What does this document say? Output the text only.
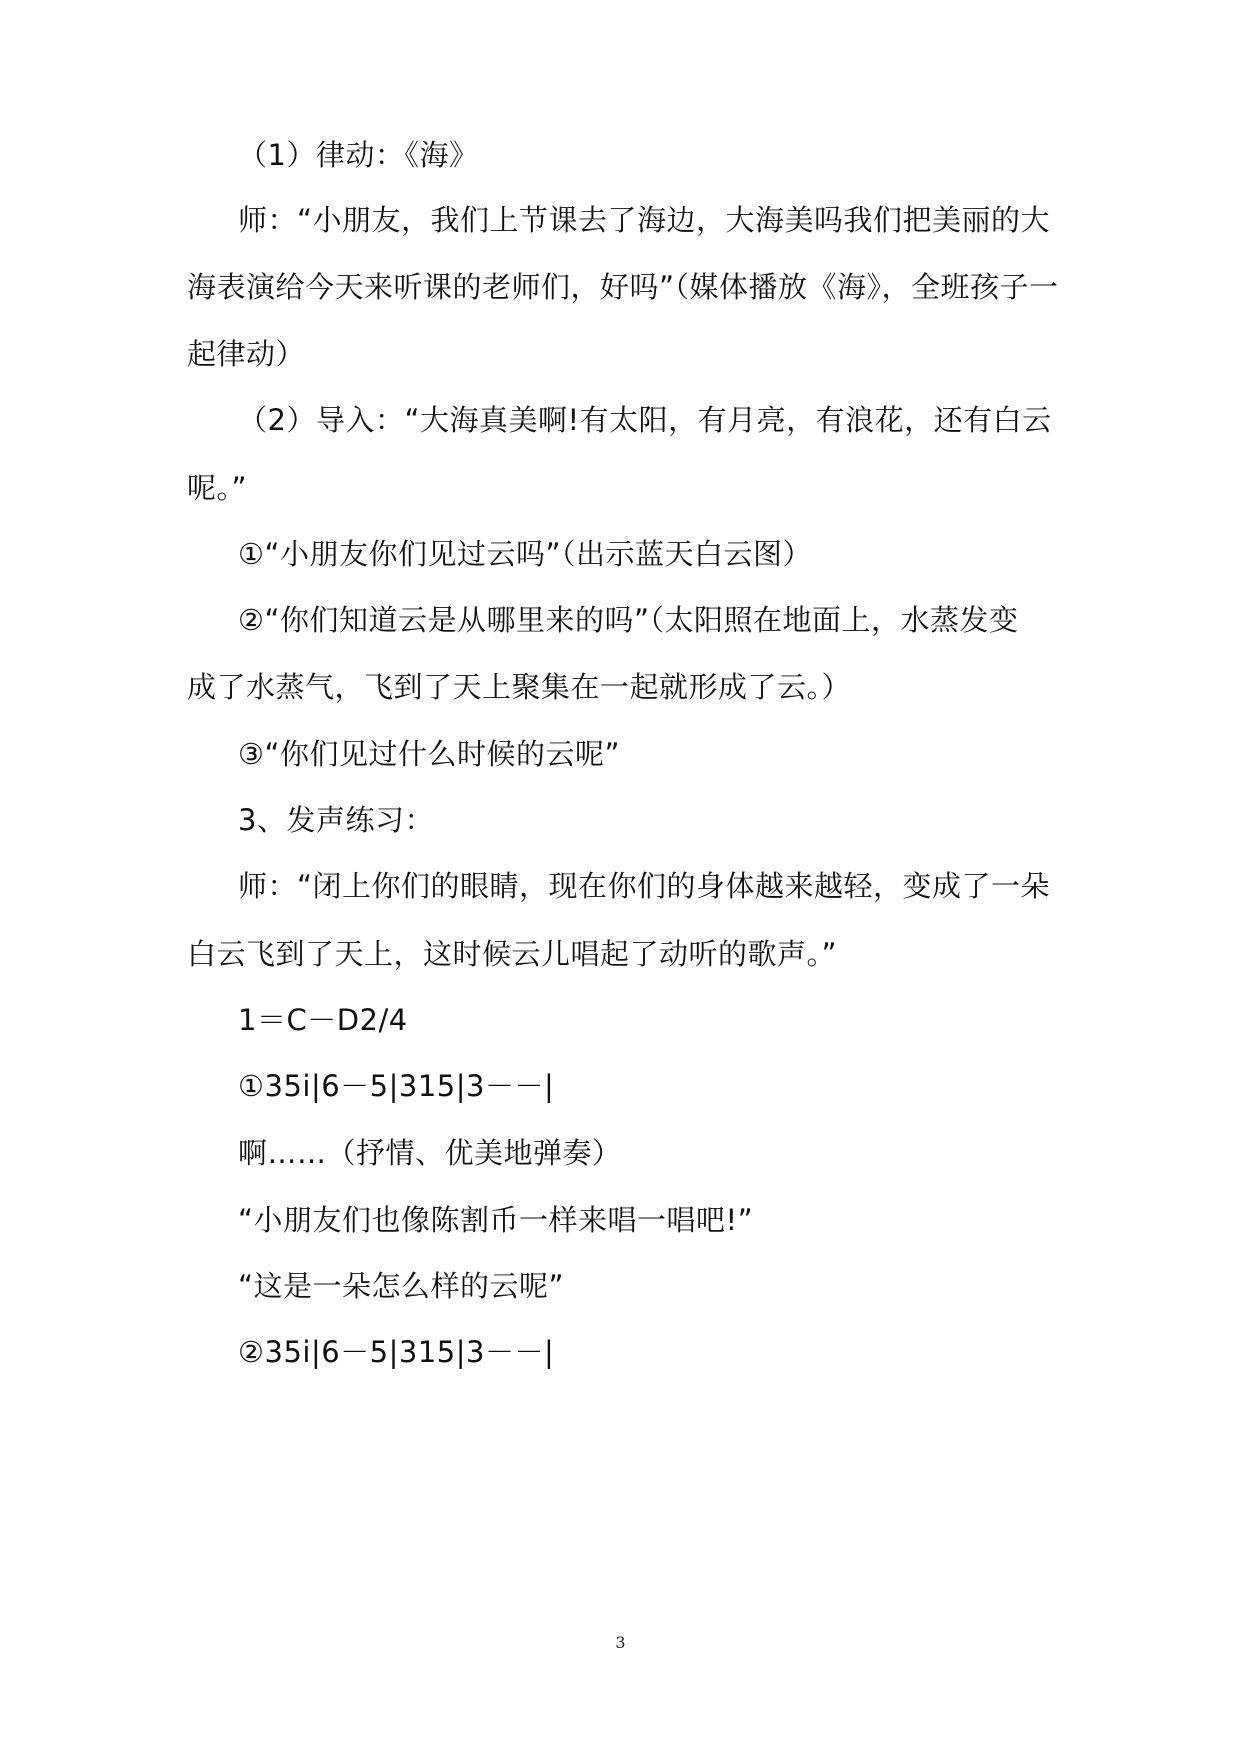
（1）律动：《海》
师：“小朋友，我们上节课去了海边，大海美吗我们把美丽的大
海表演给今天来听课的老师们，好吗”（媒体播放《海》，全班孩子一
起律动）
（2）导入：“大海真美啊!有太阳，有月亮，有浪花，还有白云
呢。”
①“小朋友你们见过云吗”（出示蓝天白云图）
②“你们知道云是从哪里来的吗”（太阳照在地面上，水蒸发变
成了水蒸气，飞到了天上聚集在一起就形成了云。）
③“你们见过什么时候的云呢”
3、发声练习：
师：“闭上你们的眼睛，现在你们的身体越来越轻，变成了一朵
白云飞到了天上，这时候云儿唱起了动听的歌声。”
1＝C－D2/4
①35i|6－5|315|3－－|
啊……（抒情、优美地弹奏）
“小朋友们也像陈割币一样来唱一唱吧!”
“这是一朵怎么样的云呢”
②35i|6－5|315|3－－|
3
